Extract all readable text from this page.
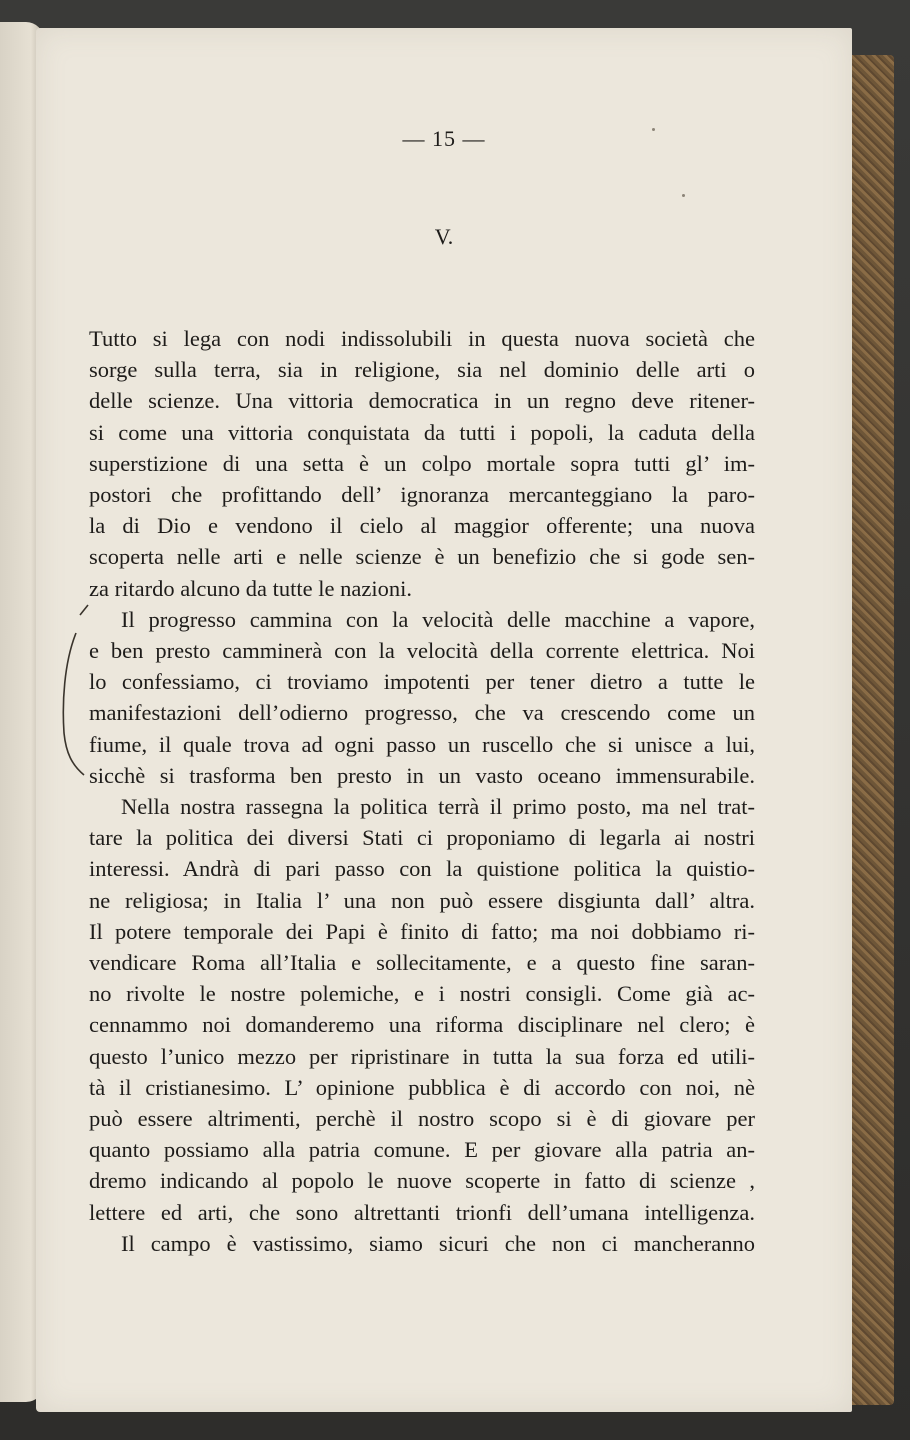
— 15 —
V.
Tutto si lega con nodi indissolubili in questa nuova società che
sorge sulla terra, sia in religione, sia nel dominio delle arti o
delle scienze. Una vittoria democratica in un regno deve ritener-
si come una vittoria conquistata da tutti i popoli, la caduta della
superstizione di una setta è un colpo mortale sopra tutti gl’ im-
postori che profittando dell’ ignoranza mercanteggiano la paro-
la di Dio e vendono il cielo al maggior offerente; una nuova
scoperta nelle arti e nelle scienze è un benefizio che si gode sen-
za ritardo alcuno da tutte le nazioni.
Il progresso cammina con la velocità delle macchine a vapore,
e ben presto camminerà con la velocità della corrente elettrica. Noi
lo confessiamo, ci troviamo impotenti per tener dietro a tutte le
manifestazioni dell’odierno progresso, che va crescendo come un
fiume, il quale trova ad ogni passo un ruscello che si unisce a lui,
sicchè si trasforma ben presto in un vasto oceano immensurabile.
Nella nostra rassegna la politica terrà il primo posto, ma nel trat-
tare la politica dei diversi Stati ci proponiamo di legarla ai nostri
interessi. Andrà di pari passo con la quistione politica la quistio-
ne religiosa; in Italia l’ una non può essere disgiunta dall’ altra.
Il potere temporale dei Papi è finito di fatto; ma noi dobbiamo ri-
vendicare Roma all’Italia e sollecitamente, e a questo fine saran-
no rivolte le nostre polemiche, e i nostri consigli. Come già ac-
cennammo noi domanderemo una riforma disciplinare nel clero; è
questo l’unico mezzo per ripristinare in tutta la sua forza ed utili-
tà il cristianesimo. L’ opinione pubblica è di accordo con noi, nè
può essere altrimenti, perchè il nostro scopo si è di giovare per
quanto possiamo alla patria comune. E per giovare alla patria an-
dremo indicando al popolo le nuove scoperte in fatto di scienze ,
lettere ed arti, che sono altrettanti trionfi dell’umana intelligenza.
Il campo è vastissimo, siamo sicuri che non ci mancheranno
